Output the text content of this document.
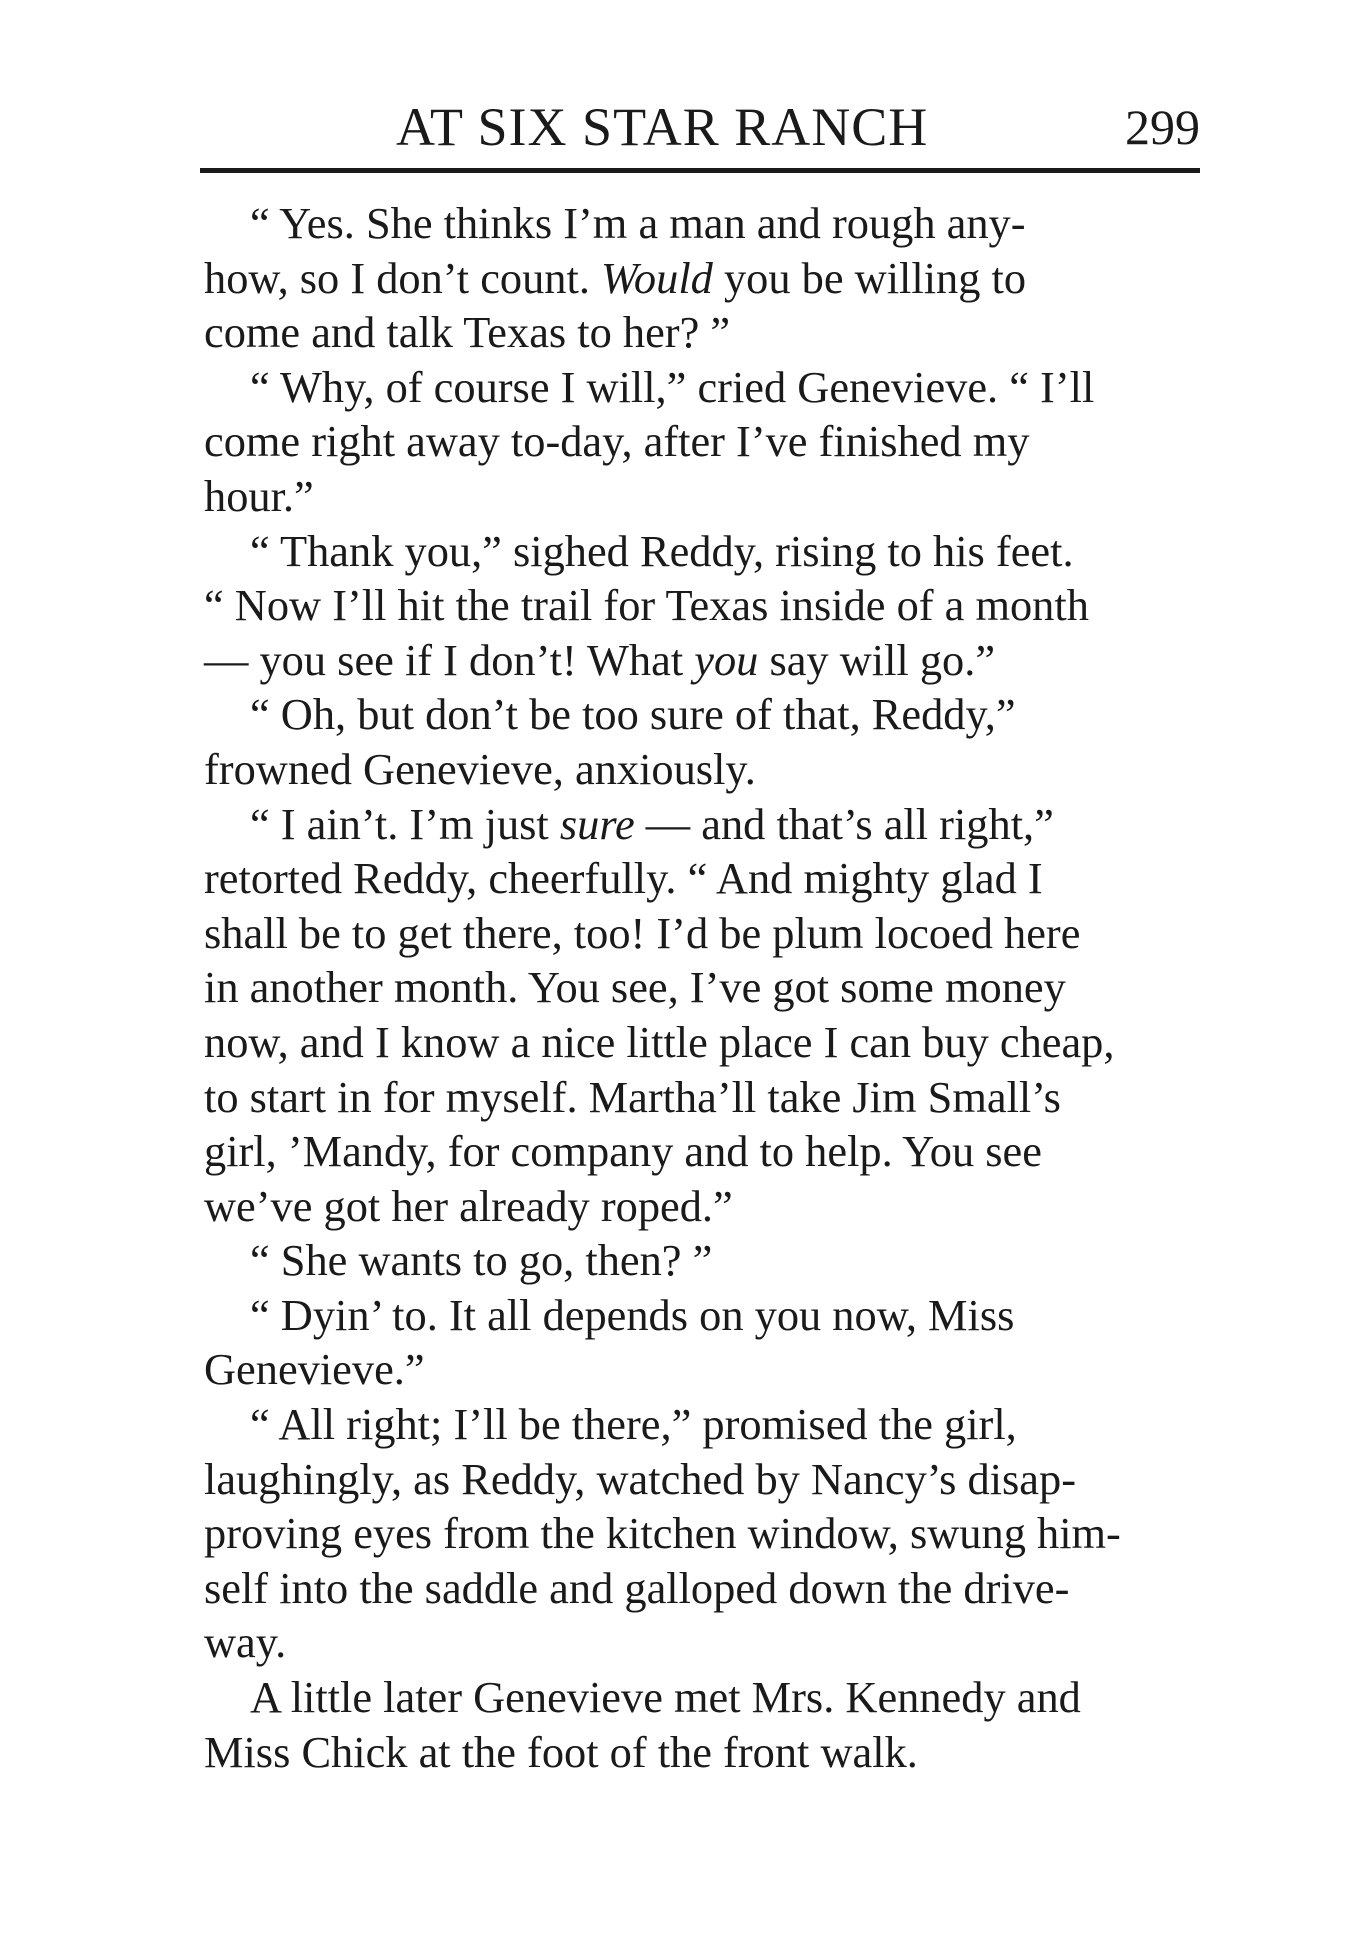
AT SIX STAR RANCH	299

“ Yes. She thinks I’m a man and rough any-
how, so I don’t count. Would you be willing to
come and talk Texas to her? ”

“ Why, of course I will,” cried Genevieve. “ I’ll
come right away to-day, after I’ve finished my
hour.”

“ Thank you,” sighed Reddy, rising to his feet.
“ Now I’ll hit the trail for Texas inside of a month
— you see if I don’t! What you say will go.”

“ Oh, but don’t be too sure of that, Reddy,”
frowned Genevieve, anxiously.

“ I ain’t. I’m just sure — and that’s all right,”
retorted Reddy, cheerfully. “ And mighty glad I
shall be to get there, too! I’d be plum locoed here
in another month. You see, I’ve got some money
now, and I know a nice little place I can buy cheap,
to start in for myself. Martha’ll take Jim Small’s
girl, ’Mandy, for company and to help. You see
we’ve got her already roped.”

“ She wants to go, then? ”

“ Dyin’ to. It all depends on you now, Miss
Genevieve.”

“ All right; I’ll be there,” promised the girl,
laughingly, as Reddy, watched by Nancy’s disap-
proving eyes from the kitchen window, swung him-
self into the saddle and galloped down the drive-
way.

A little later Genevieve met Mrs. Kennedy and
Miss Chick at the foot of the front walk.
